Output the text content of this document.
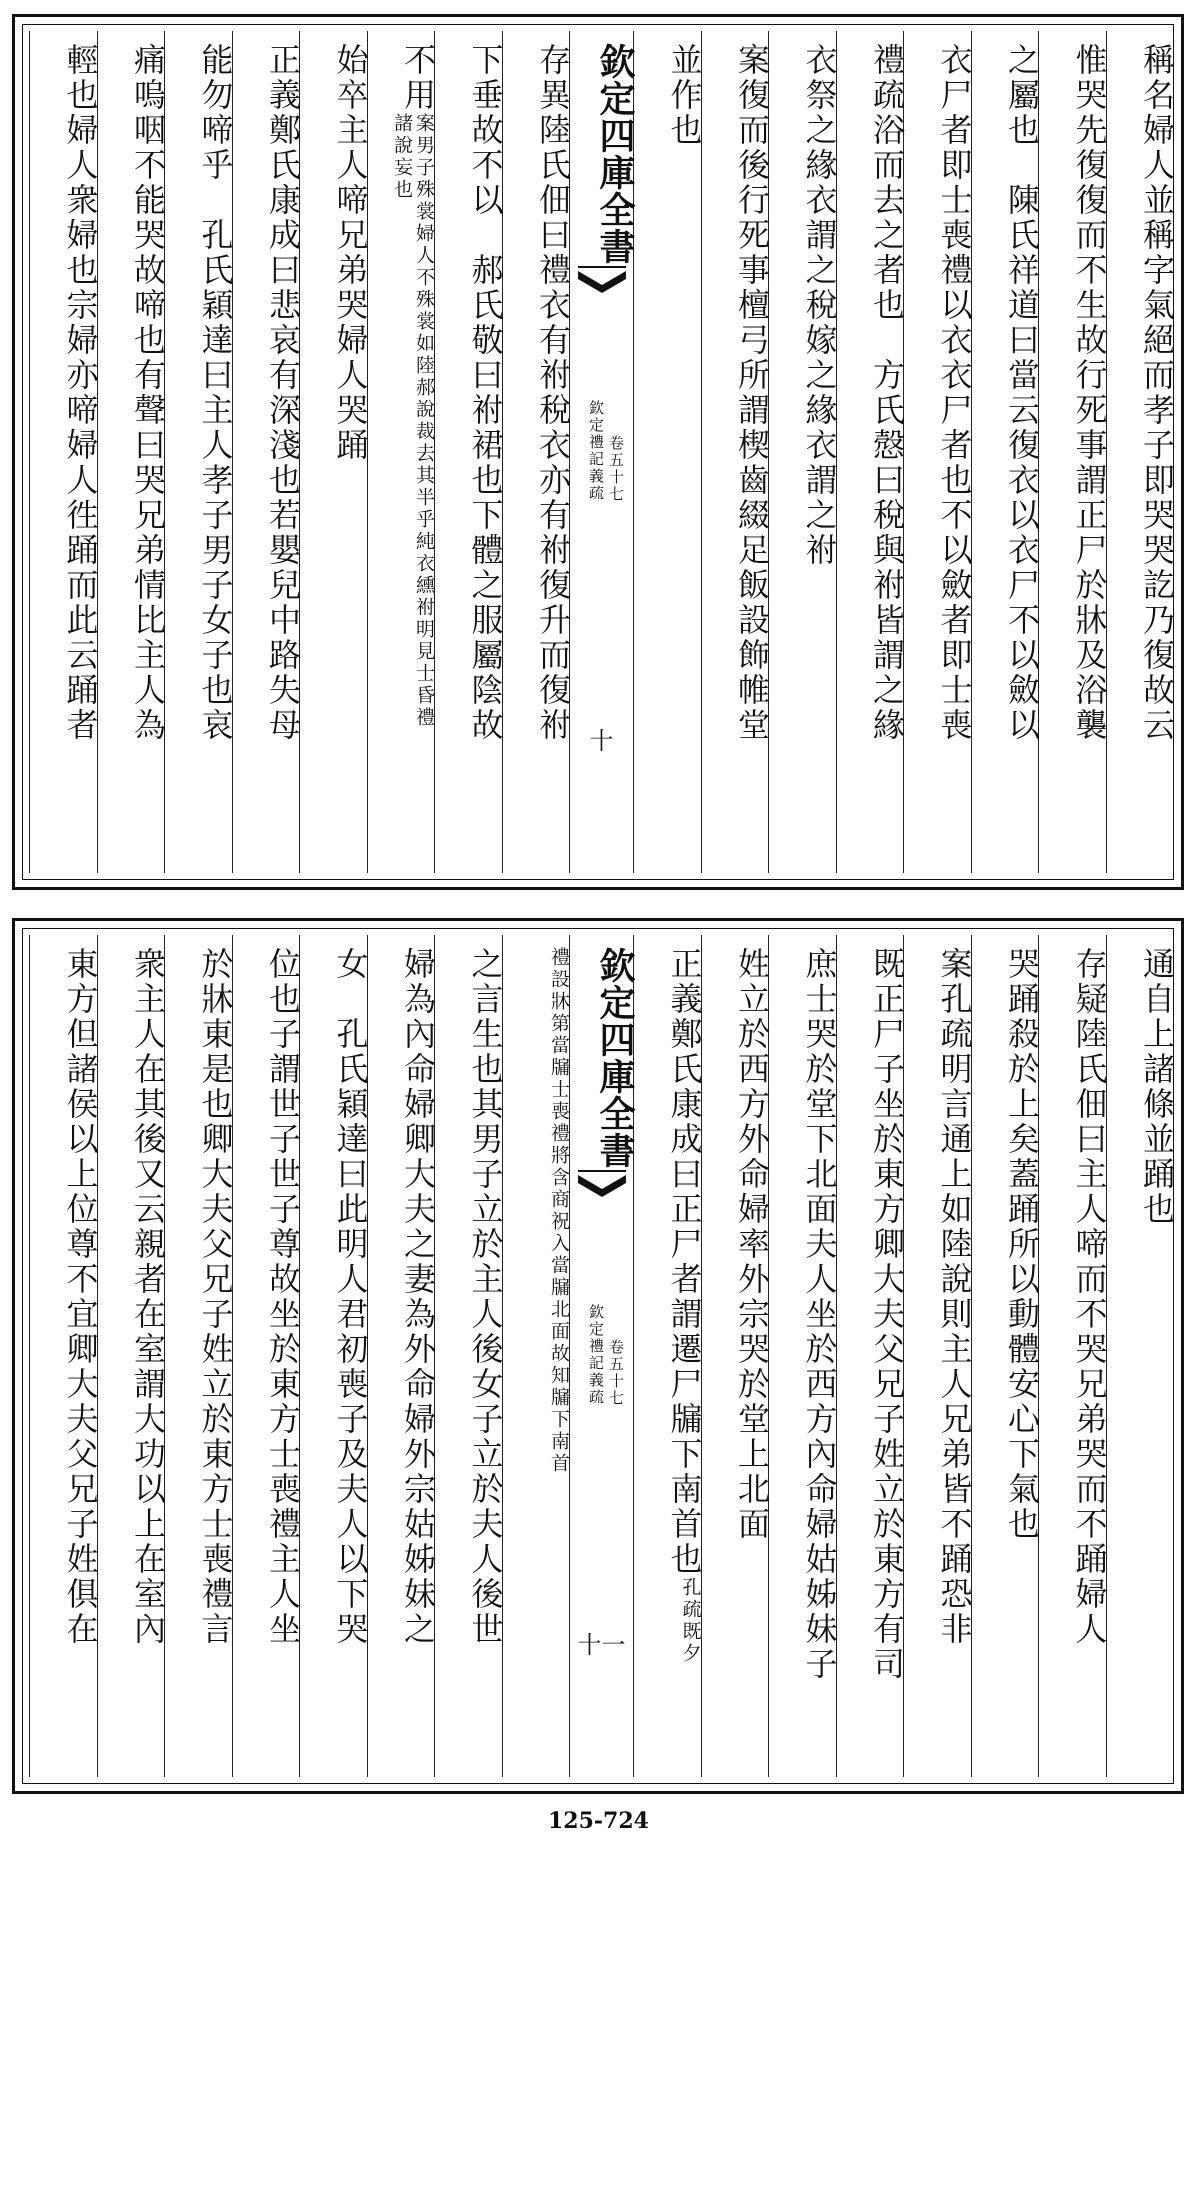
稱名婦人並稱字氣絕而孝子即哭哭訖乃復故云
惟哭先復復而不生故行死事謂正尸於牀及浴襲
之屬也　陳氏祥道曰當云復衣以衣尸不以斂以
衣尸者即士喪禮以衣衣尸者也不以斂者即士喪
禮疏浴而去之者也　方氏慤曰稅與祔皆謂之緣
衣祭之緣衣謂之稅嫁之緣衣謂之祔
案復而後行死事檀弓所謂楔齒綴足飯設飾帷堂
並作也
欽定四庫全書
欽定禮記義疏 卷五十七
十
存異陸氏佃曰禮衣有祔稅衣亦有祔復升而復祔
下垂故不以　郝氏敬曰祔裙也下體之服屬陰故
不用
案男子殊裳婦人不殊裳如陸郝說裁去其半乎純衣纁祔明見士昏禮諸說妄也
始卒主人啼兄弟哭婦人哭踊
正義鄭氏康成曰悲哀有深淺也若嬰兒中路失母
能勿啼乎　孔氏穎達曰主人孝子男子女子也哀
痛嗚咽不能哭故啼也有聲曰哭兄弟情比主人為
輕也婦人衆婦也宗婦亦啼婦人徃踊而此云踊者
通自上諸條並踊也
存疑陸氏佃曰主人啼而不哭兄弟哭而不踊婦人
哭踊殺於上矣蓋踊所以動體安心下氣也
案孔疏明言通上如陸說則主人兄弟皆不踊恐非
既正尸子坐於東方卿大夫父兄子姓立於東方有司
庶士哭於堂下北面夫人坐於西方內命婦姑姊妹子
姓立於西方外命婦率外宗哭於堂上北面
正義鄭氏康成曰正尸者謂遷尸牖下南首也
孔疏既夕
欽定四庫全書
欽定禮記義疏 卷五十七
十一
禮設牀第當牖士喪禮將含商祝入當牖北面故知牖下南首
之言生也其男子立於主人後女子立於夫人後世
婦為內命婦卿大夫之妻為外命婦外宗姑姊妹之
女　孔氏穎達曰此明人君初喪子及夫人以下哭
位也子謂世子世子尊故坐於東方士喪禮主人坐
於牀東是也卿大夫父兄子姓立於東方士喪禮言
衆主人在其後又云親者在室謂大功以上在室內
東方但諸侯以上位尊不宜卿大夫父兄子姓俱在
125-724
